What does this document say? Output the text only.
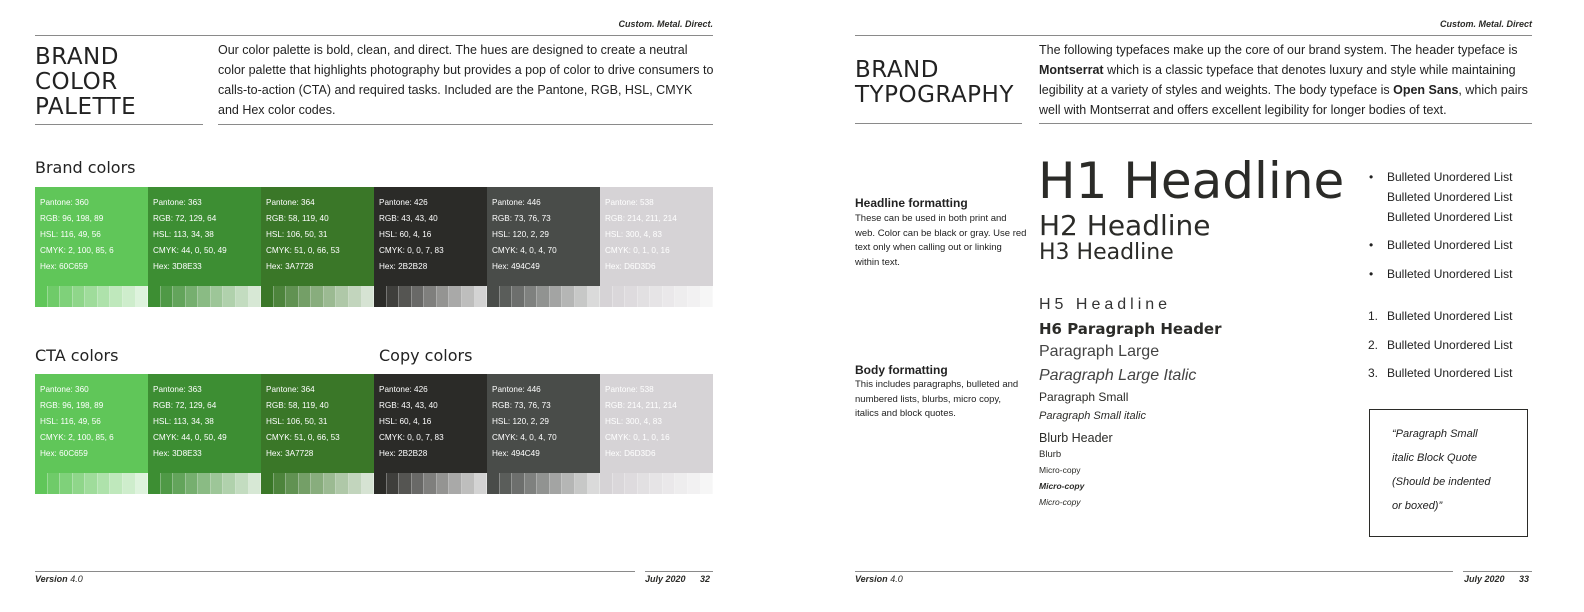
Custom. Metal. Direct.
BRAND
COLOR
PALETTE
Our color palette is bold, clean, and direct. The hues are designed to create a neutral color palette that highlights photography but provides a pop of color to drive consumers to calls-to-action (CTA) and required tasks. Included are the Pantone, RGB, HSL, CMYK and Hex color codes.
Brand colors
Pantone: 360
RGB: 96, 198, 89
HSL: 116, 49, 56
CMYK: 2, 100, 85, 6
Hex: 60C659
Pantone: 363
RGB: 72, 129, 64
HSL: 113, 34, 38
CMYK: 44, 0, 50, 49
Hex: 3D8E33
Pantone: 364
RGB: 58, 119, 40
HSL: 106, 50, 31
CMYK: 51, 0, 66, 53
Hex: 3A7728
Pantone: 426
RGB: 43, 43, 40
HSL: 60, 4, 16
CMYK: 0, 0, 7, 83
Hex: 2B2B28
Pantone: 446
RGB: 73, 76, 73
HSL: 120, 2, 29
CMYK: 4, 0, 4, 70
Hex: 494C49
Pantone: 538
RGB: 214, 211, 214
HSL: 300, 4, 83
CMYK: 0, 1, 0, 16
Hex: D6D3D6
CTA colors	Copy colors
Pantone: 360
RGB: 96, 198, 89
HSL: 116, 49, 56
CMYK: 2, 100, 85, 6
Hex: 60C659
Pantone: 363
RGB: 72, 129, 64
HSL: 113, 34, 38
CMYK: 44, 0, 50, 49
Hex: 3D8E33
Pantone: 364
RGB: 58, 119, 40
HSL: 106, 50, 31
CMYK: 51, 0, 66, 53
Hex: 3A7728
Pantone: 426
RGB: 43, 43, 40
HSL: 60, 4, 16
CMYK: 0, 0, 7, 83
Hex: 2B2B28
Pantone: 446
RGB: 73, 76, 73
HSL: 120, 2, 29
CMYK: 4, 0, 4, 70
Hex: 494C49
Pantone: 538
RGB: 214, 211, 214
HSL: 300, 4, 83
CMYK: 0, 1, 0, 16
Hex: D6D3D6
Version 4.0	July 2020 32
Custom. Metal. Direct
BRAND
TYPOGRAPHY
The following typefaces make up the core of our brand system. The header typeface is Montserrat which is a classic typeface that denotes luxury and style while maintaining legibility at a variety of styles and weights. The body typeface is Open Sans, which pairs well with Montserrat and offers excellent legibility for longer bodies of text.
Headline formatting
These can be used in both print and web. Color can be black or gray. Use red text only when calling out or linking within text.
Body formatting
This includes paragraphs, bulleted and numbered lists, blurbs, micro copy, italics and block quotes.
H1 Headline
H2 Headline
H3 Headline
H5 Headline
H6 Paragraph Header
Paragraph Large
Paragraph Large Italic
Paragraph Small
Paragraph Small italic
Blurb Header
Blurb
Micro-copy
Micro-copy
Micro-copy
• Bulleted Unordered List
Bulleted Unordered List
Bulleted Unordered List
• Bulleted Unordered List
• Bulleted Unordered List
1. Bulleted Unordered List
2. Bulleted Unordered List
3. Bulleted Unordered List
“Paragraph Small
italic Block Quote
(Should be indented
or boxed)”
Version 4.0	July 2020 33
